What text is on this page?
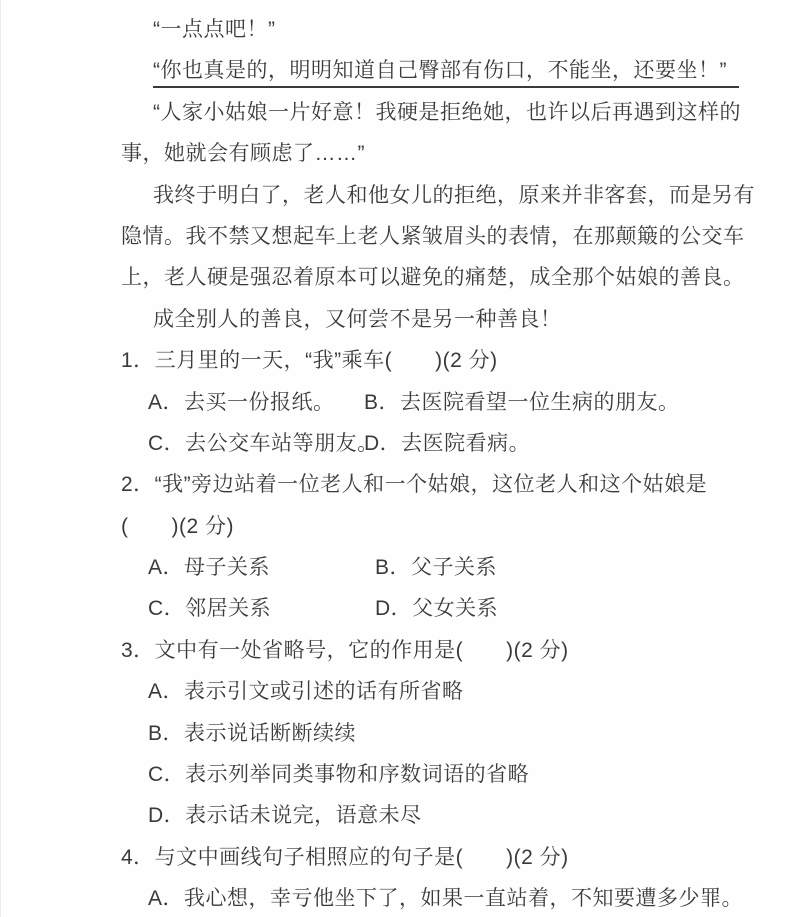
“一点点吧！”
“你也真是的，明明知道自己臀部有伤口，不能坐，还要坐！”
“人家小姑娘一片好意！我硬是拒绝她，也许以后再遇到这样的
事，她就会有顾虑了……”
我终于明白了，老人和他女儿的拒绝，原来并非客套，而是另有
隐情。我不禁又想起车上老人紧皱眉头的表情，在那颠簸的公交车
上，老人硬是强忍着原本可以避免的痛楚，成全那个姑娘的善良。
成全别人的善良，又何尝不是另一种善良！
1．三月里的一天，“我”乘车(　　)(2 分)
A．去买一份报纸。	B．去医院看望一位生病的朋友。
C．去公交车站等朋友。
D．去医院看病。
2．“我”旁边站着一位老人和一个姑娘，这位老人和这个姑娘是
(　　)(2 分)
A．母子关系	B．父子关系
C．邻居关系	D．父女关系
3．文中有一处省略号，它的作用是(　　)(2 分)
A．表示引文或引述的话有所省略
B．表示说话断断续续
C．表示列举同类事物和序数词语的省略
D．表示话未说完，语意未尽
4．与文中画线句子相照应的句子是(　　)(2 分)
A．我心想，幸亏他坐下了，如果一直站着，不知要遭多少罪。
